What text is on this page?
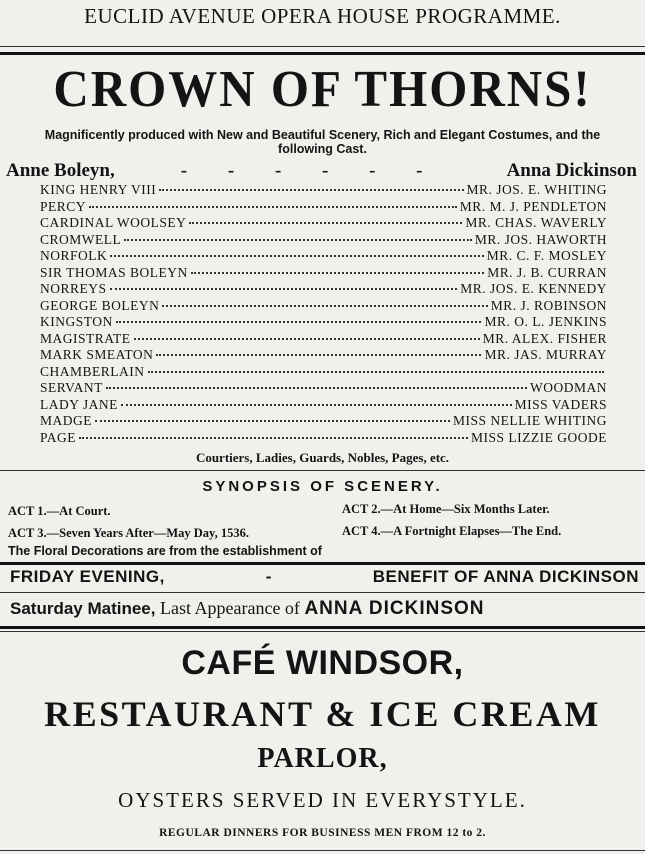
EUCLID AVENUE OPERA HOUSE PROGRAMME.
CROWN OF THORNS!
Magnificently produced with New and Beautiful Scenery, Rich and Elegant Costumes, and the following Cast.
Anne Boleyn,	- - - - - -	Anna Dickinson
KING HENRY VIII	MR. JOS. E. WHITING
PERCY	MR. M. J. PENDLETON
CARDINAL WOOLSEY	MR. CHAS. WAVERLY
CROMWELL	MR. JOS. HAWORTH
NORFOLK	MR. C. F. MOSLEY
SIR THOMAS BOLEYN	MR. J. B. CURRAN
NORREYS	MR. JOS. E. KENNEDY
GEORGE BOLEYN	MR. J. ROBINSON
KINGSTON	MR. O. L. JENKINS
MAGISTRATE	MR. ALEX. FISHER
MARK SMEATON	MR. JAS. MURRAY
CHAMBERLAIN
SERVANT	WOODMAN
LADY JANE	MISS VADERS
MADGE	MISS NELLIE WHITING
PAGE	MISS LIZZIE GOODE
Courtiers, Ladies, Guards, Nobles, Pages, etc.
SYNOPSIS OF SCENERY.
ACT 1.—At Court.	ACT 2.—At Home—Six Months Later.
ACT 3.—Seven Years After—May Day, 1536.	ACT 4.—A Fortnight Elapses—The End.
The Floral Decorations are from the establishment of
FRIDAY EVENING,	-	BENEFIT OF ANNA DICKINSON
Saturday Matinee, Last Appearance of ANNA DICKINSON
CAFÉ WINDSOR,
RESTAURANT & ICE CREAM
PARLOR,
OYSTERS SERVED IN EVERYSTYLE.
REGULAR DINNERS FOR BUSINESS MEN FROM 12 to 2.
